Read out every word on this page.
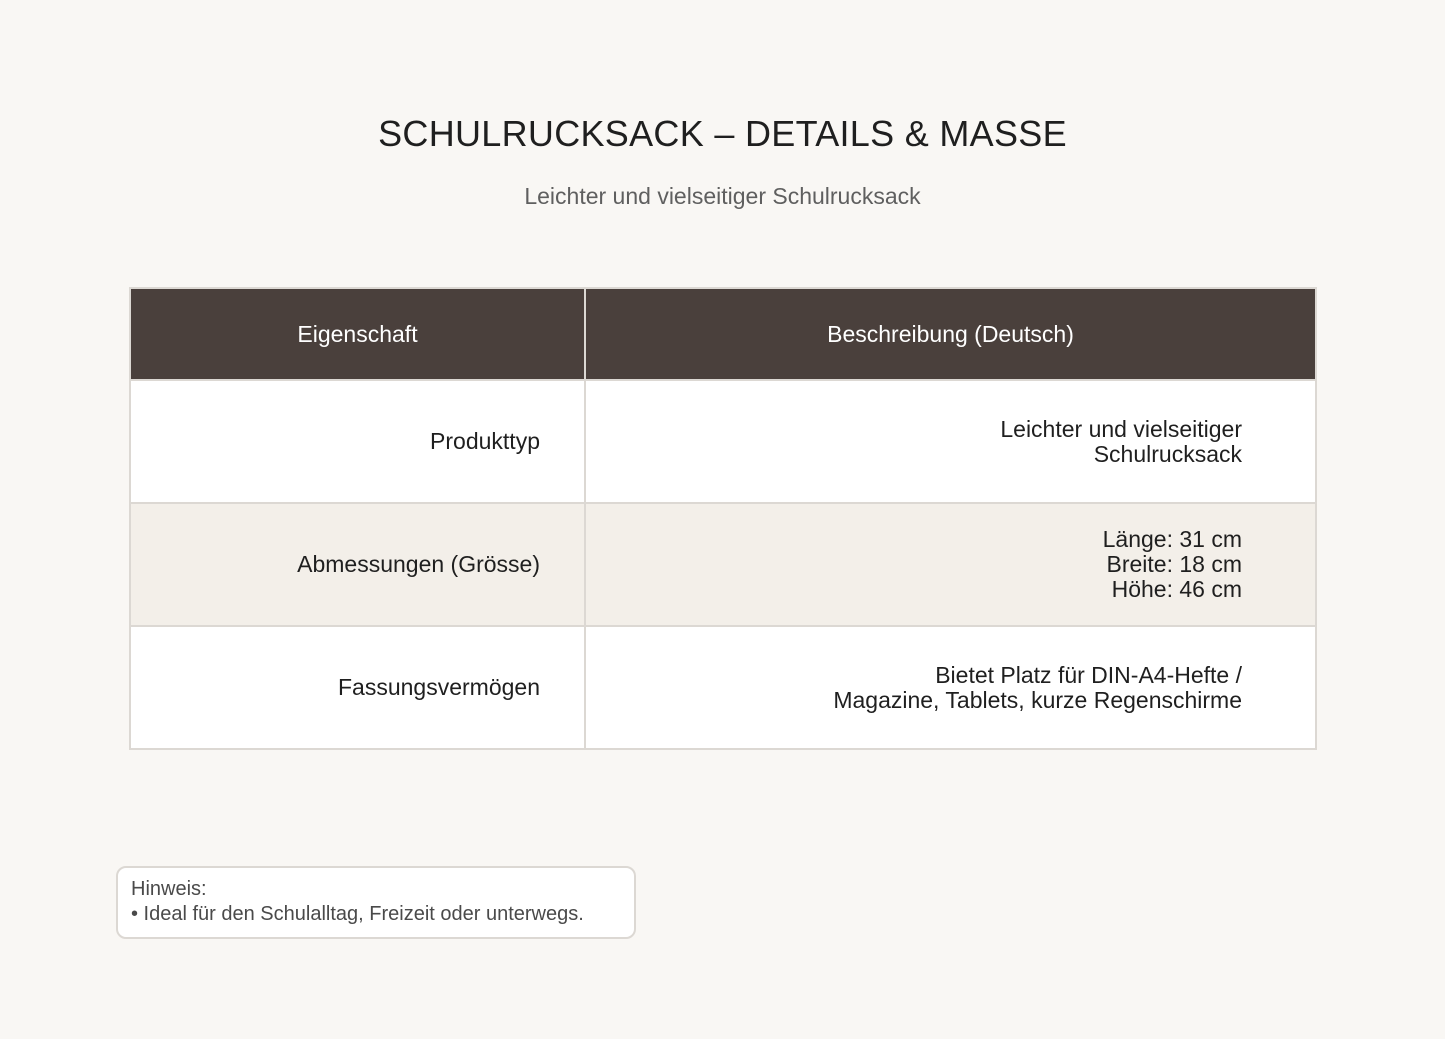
SCHULRUCKSACK – DETAILS & MASSE
Leichter und vielseitiger Schulrucksack
Eigenschaft	Beschreibung (Deutsch)
Produkttyp	Leichter und vielseitiger
Schulrucksack

Abmessungen (Grösse)	Länge: 31 cm
Breite: 18 cm
Höhe: 46 cm

Fassungsvermögen	Bietet Platz für DIN-A4-Hefte /
Magazine, Tablets, kurze Regenschirme
Hinweis:
• Ideal für den Schulalltag, Freizeit oder unterwegs.
